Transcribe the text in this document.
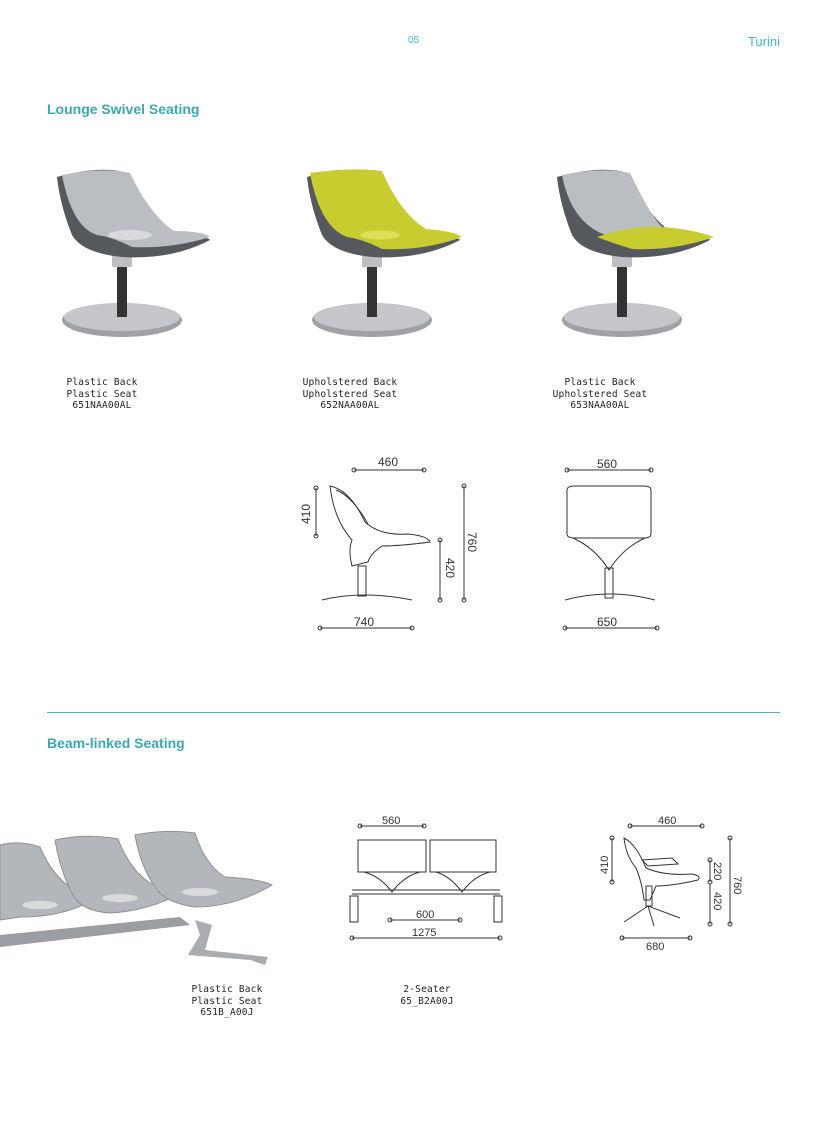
05	Turini
Lounge Swivel Seating
Plastic Back
Plastic Seat
651NAA00AL
Upholstered Back
Upholstered Seat
652NAA00AL
Plastic Back
Upholstered Seat
653NAA00AL
460
410
760
420
740
560
650
Beam-linked Seating
560
600
1275
460
410	220
420
760
680
Plastic Back
Plastic Seat
651B_A00J
2-Seater
65_B2A00J
